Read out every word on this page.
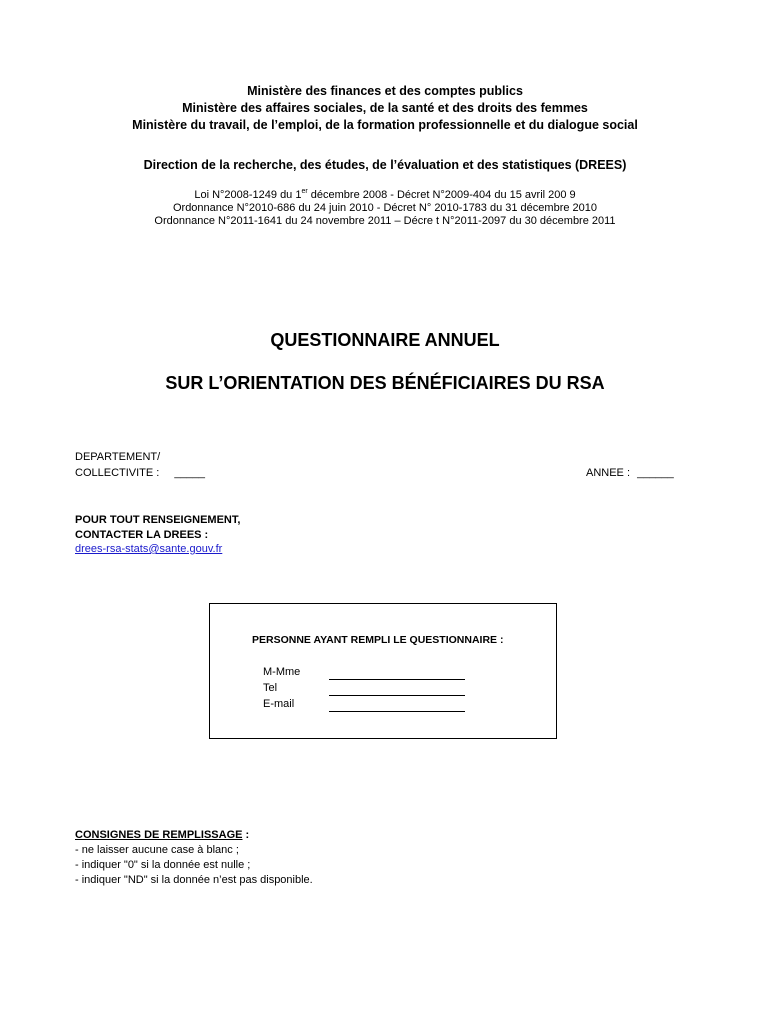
Ministère des finances et des comptes publics
Ministère des affaires sociales, de la santé et des droits des femmes
Ministère du travail, de l’emploi, de la formation professionnelle et du dialogue social
Direction de la recherche, des études, de l’évaluation et des statistiques (DREES)
Loi N°2008-1249 du 1er décembre 2008 - Décret N°2009-404 du 15 avril 200 9
Ordonnance N°2010-686 du 24 juin 2010 - Décret N° 2010-1783 du 31 décembre 2010
Ordonnance N°2011-1641 du 24 novembre 2011 – Décre t N°2011-2097 du 30 décembre 2011
QUESTIONNAIRE ANNUEL
SUR L’ORIENTATION DES BÉNÉFICIAIRES DU RSA
DEPARTEMENT/
COLLECTIVITE : _____	ANNEE : ______
POUR TOUT RENSEIGNEMENT,
CONTACTER LA DREES :
drees-rsa-stats@sante.gouv.fr
PERSONNE AYANT REMPLI LE QUESTIONNAIRE :
M-Mme
Tel
E-mail
CONSIGNES DE REMPLISSAGE :
- ne laisser aucune case à blanc ;
- indiquer "0" si la donnée est nulle ;
- indiquer "ND" si la donnée n’est pas disponible.
